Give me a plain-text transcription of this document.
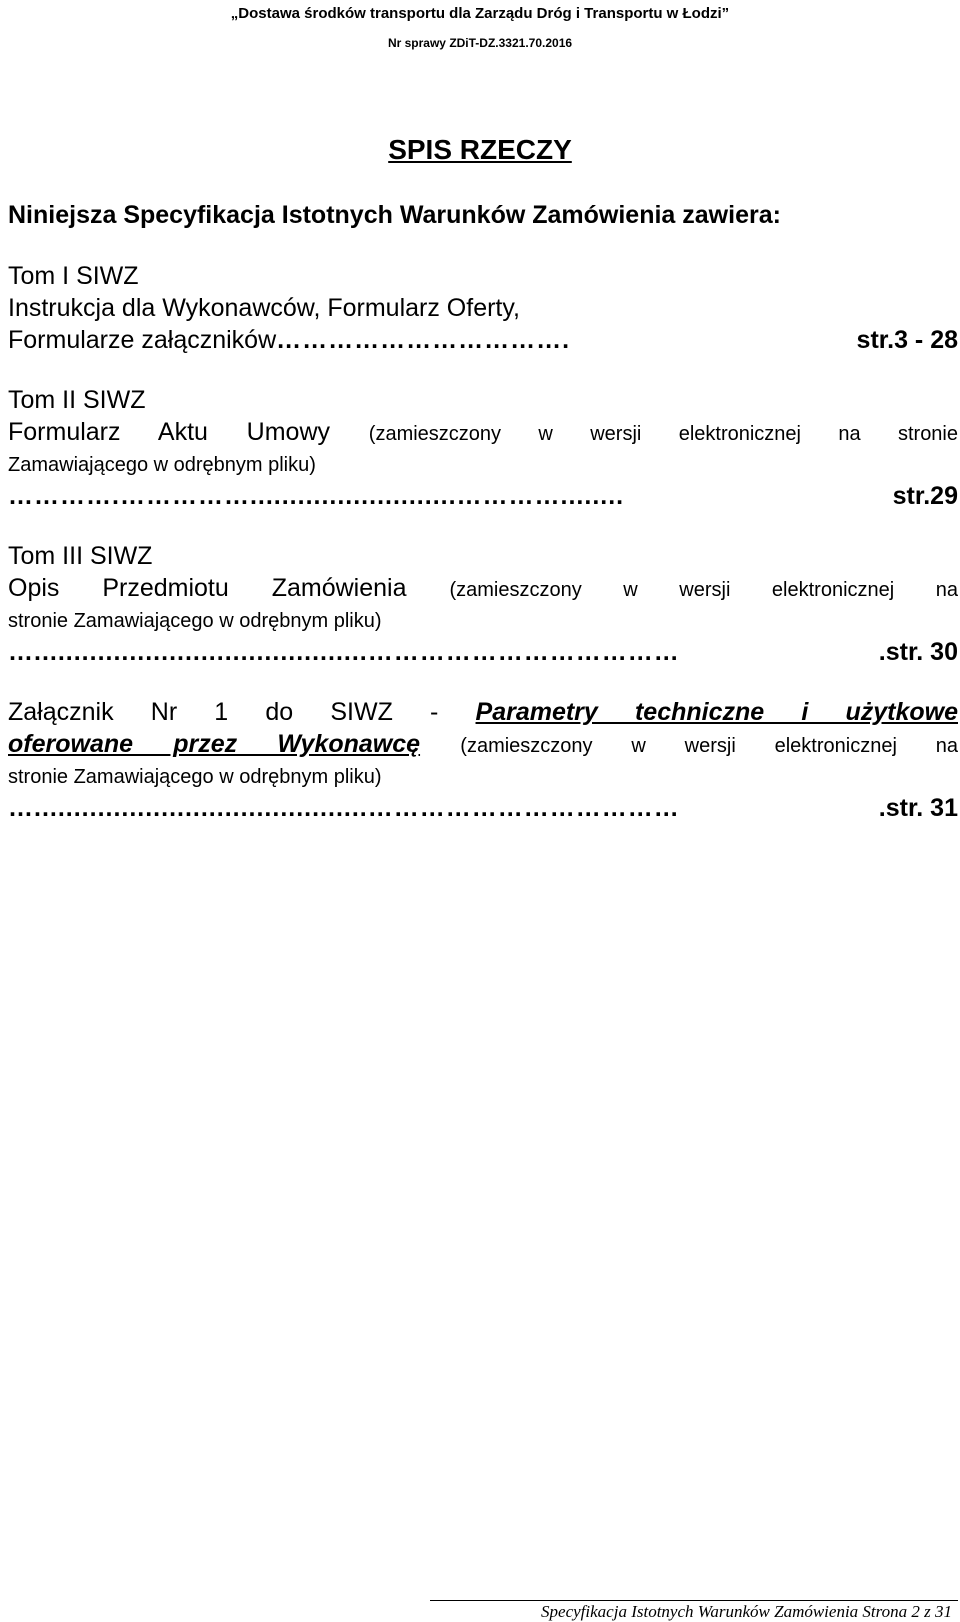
„Dostawa środków transportu dla Zarządu Dróg i Transportu w Łodzi”
Nr sprawy ZDiT-DZ.3321.70.2016
SPIS RZECZY
Niniejsza Specyfikacja Istotnych Warunków Zamówienia zawiera:
Tom I SIWZ
Instrukcja dla Wykonawców, Formularz Oferty,
Formularze załączników …………………………….	str.3 - 28
Tom II SIWZ
Formularz Aktu Umowy (zamieszczony w wersji elektronicznej na stronie
Zamawiającego w odrębnym pliku)
………….……………..........................…………........	str.29
Tom III SIWZ
Opis Przedmiotu Zamówienia (zamieszczony w wersji elektronicznej na
stronie Zamawiającego w odrębnym pliku)
…..........................................………………………………	.str. 30
Załącznik Nr 1 do SIWZ - Parametry techniczne i użytkowe
oferowane przez Wykonawcę (zamieszczony w wersji elektronicznej na
stronie Zamawiającego w odrębnym pliku)
…..........................................………………………………	.str. 31
Specyfikacja Istotnych Warunków Zamówienia Strona 2 z 31
